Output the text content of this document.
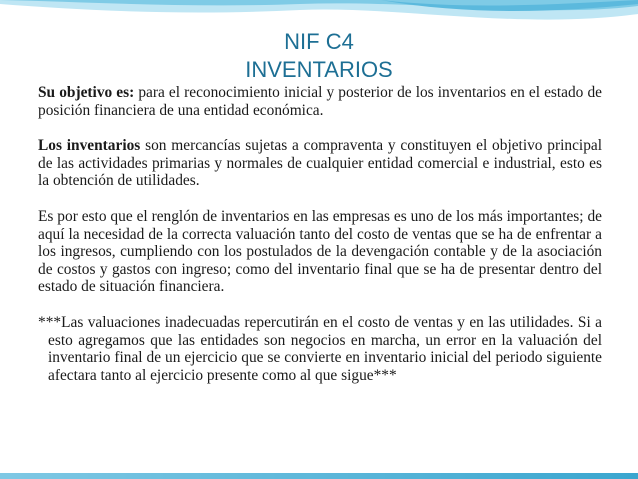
NIF C4
INVENTARIOS

Su objetivo es: para el reconocimiento inicial y posterior de los inventarios en el estado de posición financiera de una entidad económica.

Los inventarios son mercancías sujetas a compraventa y constituyen el objetivo principal de las actividades primarias y normales de cualquier entidad comercial e industrial, esto es la obtención de utilidades.

Es por esto que el renglón de inventarios en las empresas es uno de los más importantes; de aquí la necesidad de la correcta valuación tanto del costo de ventas que se ha de enfrentar a los ingresos, cumpliendo con los postulados de la devengación contable y de la asociación de costos y gastos con ingreso; como del inventario final que se ha de presentar dentro del estado de situación financiera.

***Las valuaciones inadecuadas repercutirán en el costo de ventas y en las utilidades. Si a esto agregamos que las entidades son negocios en marcha, un error en la valuación del inventario final de un ejercicio que se convierte en inventario inicial del periodo siguiente afectara tanto al ejercicio presente como al que sigue***
